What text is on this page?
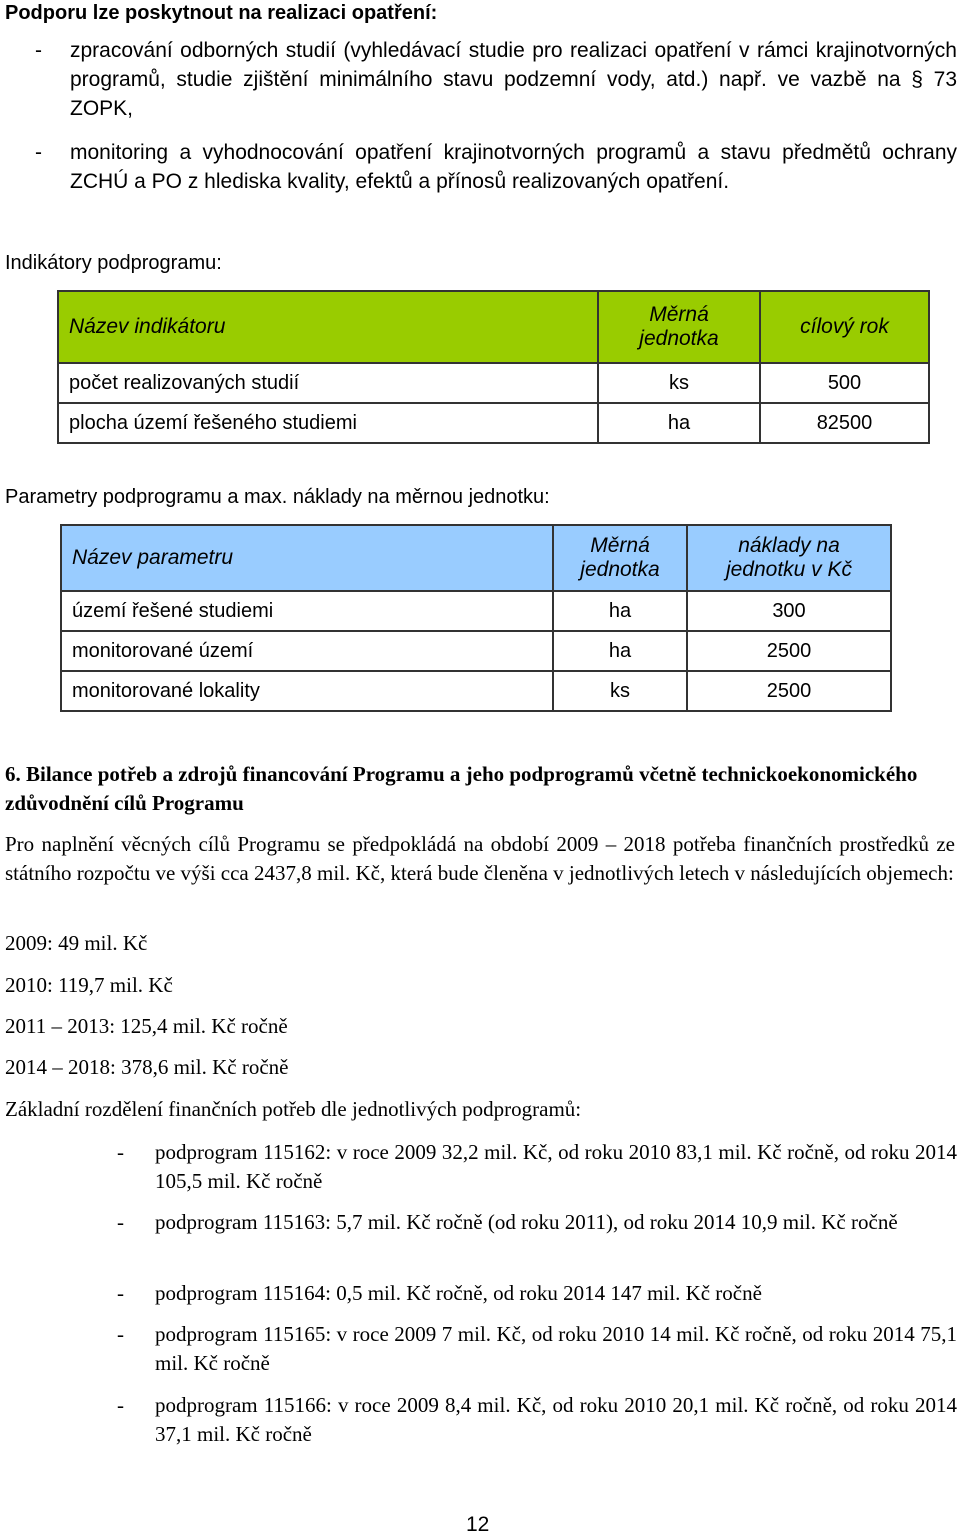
Podporu lze poskytnout na realizaci opatření:
- zpracování odborných studií (vyhledávací studie pro realizaci opatření v rámci krajinotvorných programů, studie zjištění minimálního stavu podzemní vody, atd.) např. ve vazbě na § 73 ZOPK,
- monitoring a vyhodnocování opatření krajinotvorných programů a stavu předmětů ochrany ZCHÚ a PO z hlediska kvality, efektů a přínosů realizovaných opatření.
Indikátory podprogramu:
Název indikátoru	Měrná jednotka	cílový rok
počet realizovaných studií	ks	500
plocha území řešeného studiemi	ha	82500
Parametry podprogramu a max. náklady na měrnou jednotku:
Název parametru	Měrná jednotka	náklady na jednotku v Kč
území řešené studiemi	ha	300
monitorované území	ha	2500
monitorované lokality	ks	2500
6. Bilance potřeb a zdrojů financování Programu a jeho podprogramů včetně technickoekonomického zdůvodnění cílů Programu
Pro naplnění věcných cílů Programu se předpokládá na období 2009 – 2018 potřeba finančních prostředků ze státního rozpočtu ve výši cca 2437,8 mil. Kč, která bude členěna v jednotlivých letech v následujících objemech:
2009: 49 mil. Kč
2010: 119,7 mil. Kč
2011 – 2013: 125,4 mil. Kč ročně
2014 – 2018: 378,6 mil. Kč ročně
Základní rozdělení finančních potřeb dle jednotlivých podprogramů:
- podprogram 115162: v roce 2009 32,2 mil. Kč, od roku 2010 83,1 mil. Kč ročně, od roku 2014 105,5 mil. Kč ročně
- podprogram 115163: 5,7 mil. Kč ročně (od roku 2011), od roku 2014 10,9 mil. Kč ročně
- podprogram 115164: 0,5 mil. Kč ročně, od roku 2014 147 mil. Kč ročně
- podprogram 115165: v roce 2009 7 mil. Kč, od roku 2010 14 mil. Kč ročně, od roku 2014 75,1 mil. Kč ročně
- podprogram 115166: v roce 2009 8,4 mil. Kč, od roku 2010 20,1 mil. Kč ročně, od roku 2014 37,1 mil. Kč ročně
12
